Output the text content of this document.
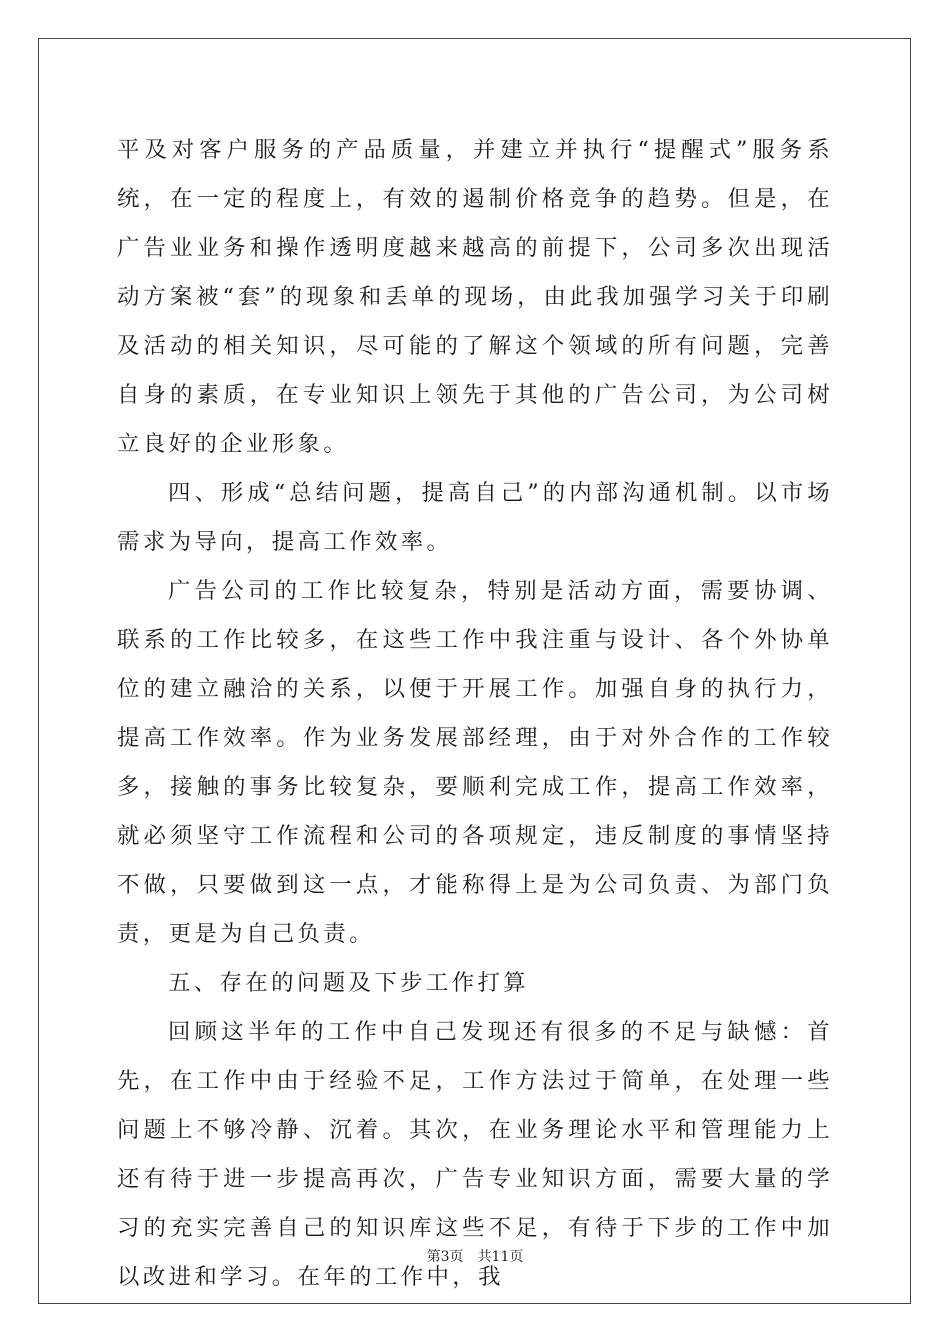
平及对客户服务的产品质量，并建立并执行“提醒式”服务系统，在一定的程度上，有效的遏制价格竞争的趋势。但是，在广告业业务和操作透明度越来越高的前提下，公司多次出现活动方案被“套”的现象和丢单的现场，由此我加强学习关于印刷及活动的相关知识，尽可能的了解这个领域的所有问题，完善自身的素质，在专业知识上领先于其他的广告公司，为公司树立良好的企业形象。

四、形成“总结问题，提高自己”的内部沟通机制。以市场需求为导向，提高工作效率。

广告公司的工作比较复杂，特别是活动方面，需要协调、联系的工作比较多，在这些工作中我注重与设计、各个外协单位的建立融洽的关系，以便于开展工作。加强自身的执行力，提高工作效率。作为业务发展部经理，由于对外合作的工作较多，接触的事务比较复杂，要顺利完成工作，提高工作效率，就必须坚守工作流程和公司的各项规定，违反制度的事情坚持不做，只要做到这一点，才能称得上是为公司负责、为部门负责，更是为自己负责。

五、存在的问题及下步工作打算

回顾这半年的工作中自己发现还有很多的不足与缺憾：首先，在工作中由于经验不足，工作方法过于简单，在处理一些问题上不够冷静、沉着。其次，在业务理论水平和管理能力上还有待于进一步提高再次，广告专业知识方面，需要大量的学习的充实完善自己的知识库这些不足，有待于下步的工作中加以改进和学习。在年的工作中，我

第3页 共11页
